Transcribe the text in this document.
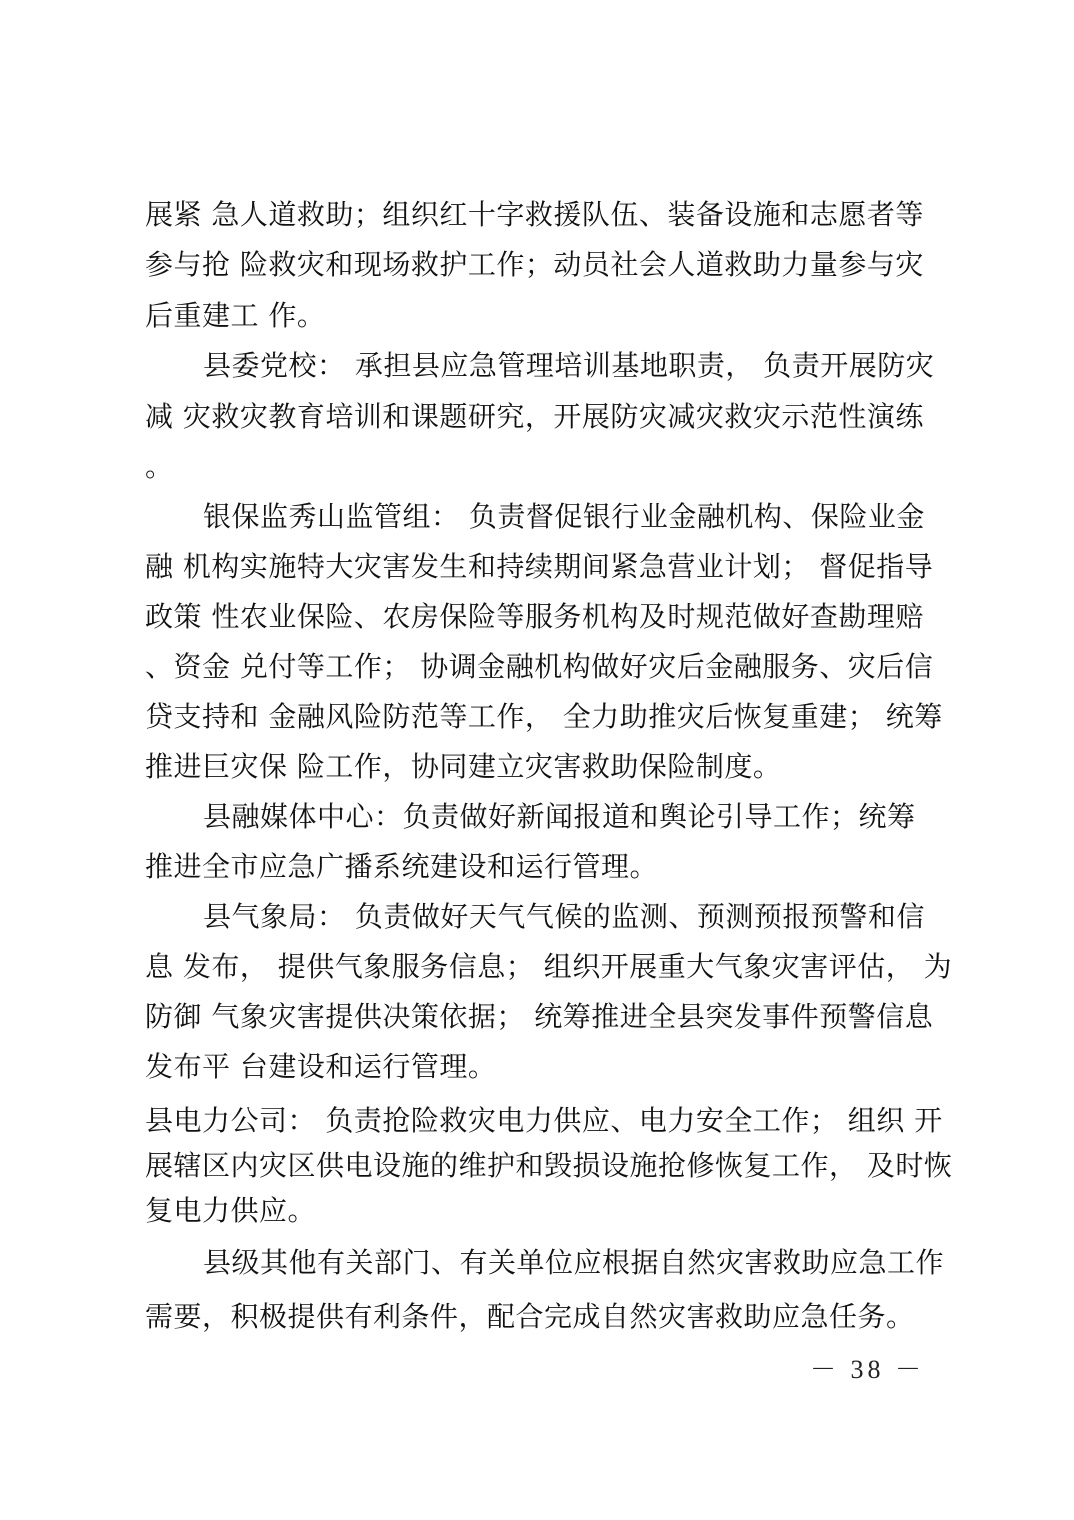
展紧 急人道救助；组织红十字救援队伍、装备设施和志愿者等
参与抢 险救灾和现场救护工作；动员社会人道救助力量参与灾
后重建工 作。
县委党校： 承担县应急管理培训基地职责， 负责开展防灾
减 灾救灾教育培训和课题研究，开展防灾减灾救灾示范性演练
。
银保监秀山监管组： 负责督促银行业金融机构、保险业金
融 机构实施特大灾害发生和持续期间紧急营业计划； 督促指导
政策 性农业保险、农房保险等服务机构及时规范做好查勘理赔
、资金 兑付等工作； 协调金融机构做好灾后金融服务、灾后信
贷支持和 金融风险防范等工作， 全力助推灾后恢复重建； 统筹
推进巨灾保 险工作，协同建立灾害救助保险制度。
县融媒体中心：负责做好新闻报道和舆论引导工作；统筹
推进全市应急广播系统建设和运行管理。
县气象局： 负责做好天气气候的监测、预测预报预警和信
息 发布， 提供气象服务信息； 组织开展重大气象灾害评估， 为
防御 气象灾害提供决策依据； 统筹推进全县突发事件预警信息
发布平 台建设和运行管理。
县电力公司： 负责抢险救灾电力供应、电力安全工作； 组织 开
展辖区内灾区供电设施的维护和毁损设施抢修恢复工作， 及时恢
复电力供应。
县级其他有关部门、有关单位应根据自然灾害救助应急工作
需要，积极提供有利条件，配合完成自然灾害救助应急任务。
－ 38 －
